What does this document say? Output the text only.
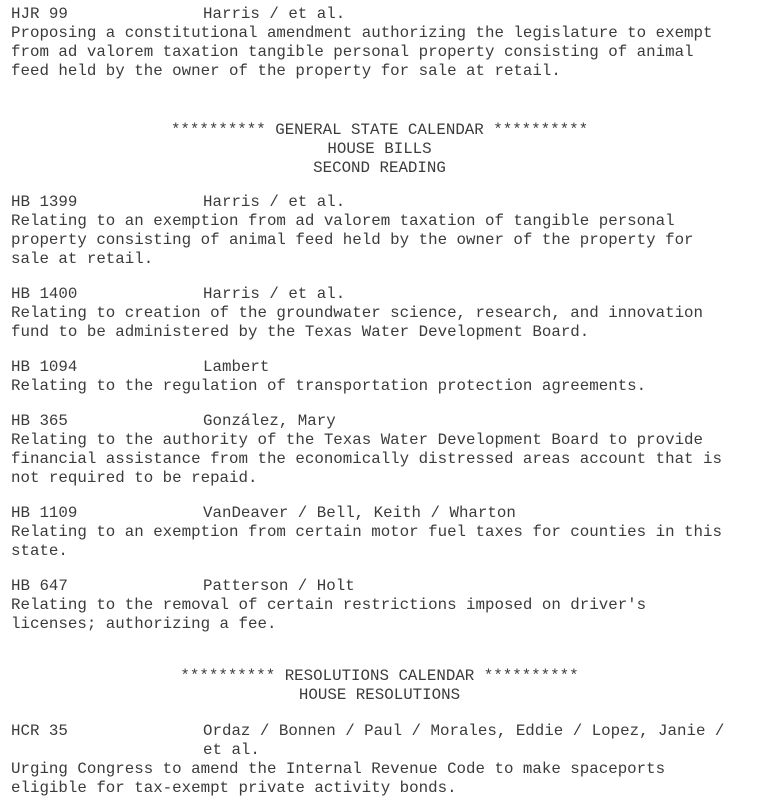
HJR 99	Harris / et al.
Proposing a constitutional amendment authorizing the legislature to exempt
from ad valorem taxation tangible personal property consisting of animal
feed held by the owner of the property for sale at retail.
********** GENERAL STATE CALENDAR **********
HOUSE BILLS
SECOND READING
HB 1399	Harris / et al.
Relating to an exemption from ad valorem taxation of tangible personal
property consisting of animal feed held by the owner of the property for
sale at retail.
HB 1400	Harris / et al.
Relating to creation of the groundwater science, research, and innovation
fund to be administered by the Texas Water Development Board.
HB 1094	Lambert
Relating to the regulation of transportation protection agreements.
HB 365	González, Mary
Relating to the authority of the Texas Water Development Board to provide
financial assistance from the economically distressed areas account that is
not required to be repaid.
HB 1109	VanDeaver / Bell, Keith / Wharton
Relating to an exemption from certain motor fuel taxes for counties in this
state.
HB 647	Patterson / Holt
Relating to the removal of certain restrictions imposed on driver's
licenses; authorizing a fee.
********** RESOLUTIONS CALENDAR **********
HOUSE RESOLUTIONS
HCR 35	Ordaz / Bonnen / Paul / Morales, Eddie / Lopez, Janie /
et al.
Urging Congress to amend the Internal Revenue Code to make spaceports
eligible for tax-exempt private activity bonds.
